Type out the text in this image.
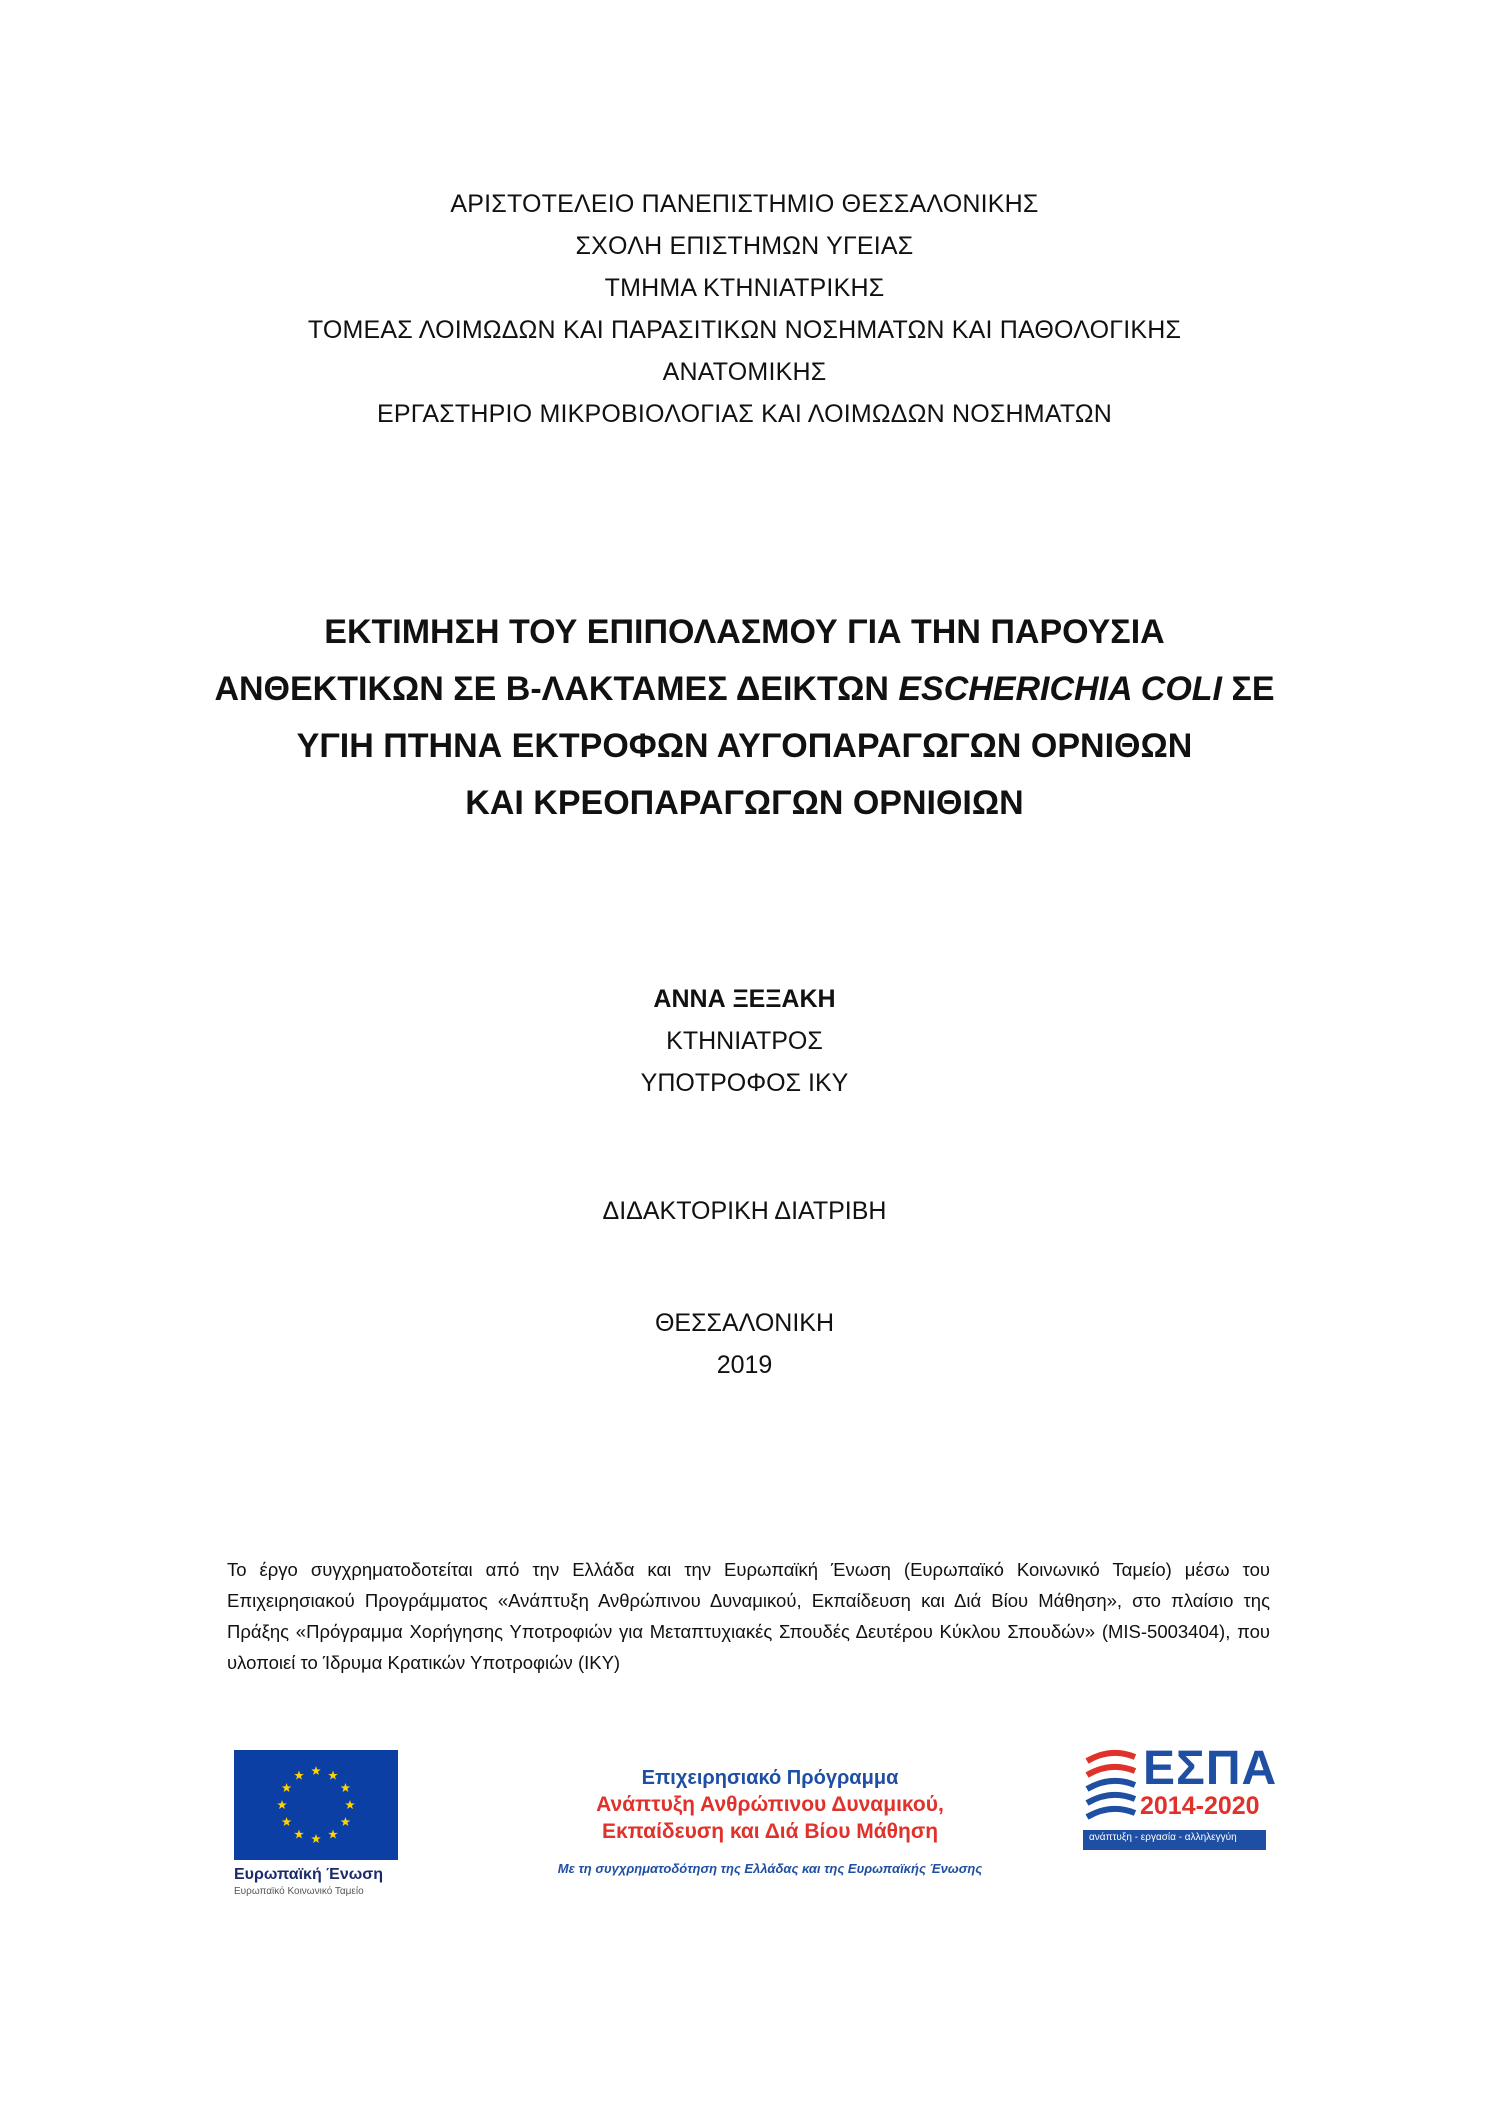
ΑΡΙΣΤΟΤΕΛΕΙΟ ΠΑΝΕΠΙΣΤΗΜΙΟ ΘΕΣΣΑΛΟΝΙΚΗΣ
ΣΧΟΛΗ ΕΠΙΣΤΗΜΩΝ ΥΓΕΙΑΣ
ΤΜΗΜΑ ΚΤΗΝΙΑΤΡΙΚΗΣ
ΤΟΜΕΑΣ ΛΟΙΜΩΔΩΝ ΚΑΙ ΠΑΡΑΣΙΤΙΚΩΝ ΝΟΣΗΜΑΤΩΝ ΚΑΙ ΠΑΘΟΛΟΓΙΚΗΣ
ΑΝΑΤΟΜΙΚΗΣ
ΕΡΓΑΣΤΗΡΙΟ ΜΙΚΡΟΒΙΟΛΟΓΙΑΣ ΚΑΙ ΛΟΙΜΩΔΩΝ ΝΟΣΗΜΑΤΩΝ
ΕΚΤΙΜΗΣΗ ΤΟΥ ΕΠΙΠΟΛΑΣΜΟΥ ΓΙΑ ΤΗΝ ΠΑΡΟΥΣΙΑ
ΑΝΘΕΚΤΙΚΩΝ ΣΕ Β-ΛΑΚΤΑΜΕΣ ΔΕΙΚΤΩΝ ESCHERICHIA COLI ΣΕ
ΥΓΙΗ ΠΤΗΝΑ ΕΚΤΡΟΦΩΝ ΑΥΓΟΠΑΡΑΓΩΓΩΝ ΟΡΝΙΘΩΝ
ΚΑΙ ΚΡΕΟΠΑΡΑΓΩΓΩΝ ΟΡΝΙΘΙΩΝ
ΑΝΝΑ ΞΕΞΑΚΗ
ΚΤΗΝΙΑΤΡΟΣ
ΥΠΟΤΡΟΦΟΣ ΙΚΥ
ΔΙΔΑΚΤΟΡΙΚΗ ΔΙΑΤΡΙΒΗ
ΘΕΣΣΑΛΟΝΙΚΗ
2019
Το έργο συγχρηματοδοτείται από την Ελλάδα και την Ευρωπαϊκή Ένωση (Ευρωπαϊκό Κοινωνικό Ταμείο) μέσω του Επιχειρησιακού Προγράμματος «Ανάπτυξη Ανθρώπινου Δυναμικού, Εκπαίδευση και Διά Βίου Μάθηση», στο πλαίσιο της Πράξης «Πρόγραμμα Χορήγησης Υποτροφιών για Μεταπτυχιακές Σπουδές Δευτέρου Κύκλου Σπουδών» (MIS-5003404), που υλοποιεί το Ίδρυμα Κρατικών Υποτροφιών (ΙΚΥ)
Ευρωπαϊκή Ένωση
Ευρωπαϊκό Κοινωνικό Ταμείο
Επιχειρησιακό Πρόγραμμα
Ανάπτυξη Ανθρώπινου Δυναμικού,
Εκπαίδευση και Διά Βίου Μάθηση
Με τη συγχρηματοδότηση της Ελλάδας και της Ευρωπαϊκής Ένωσης
ΕΣΠΑ
2014-2020
ανάπτυξη - εργασία - αλληλεγγύη
